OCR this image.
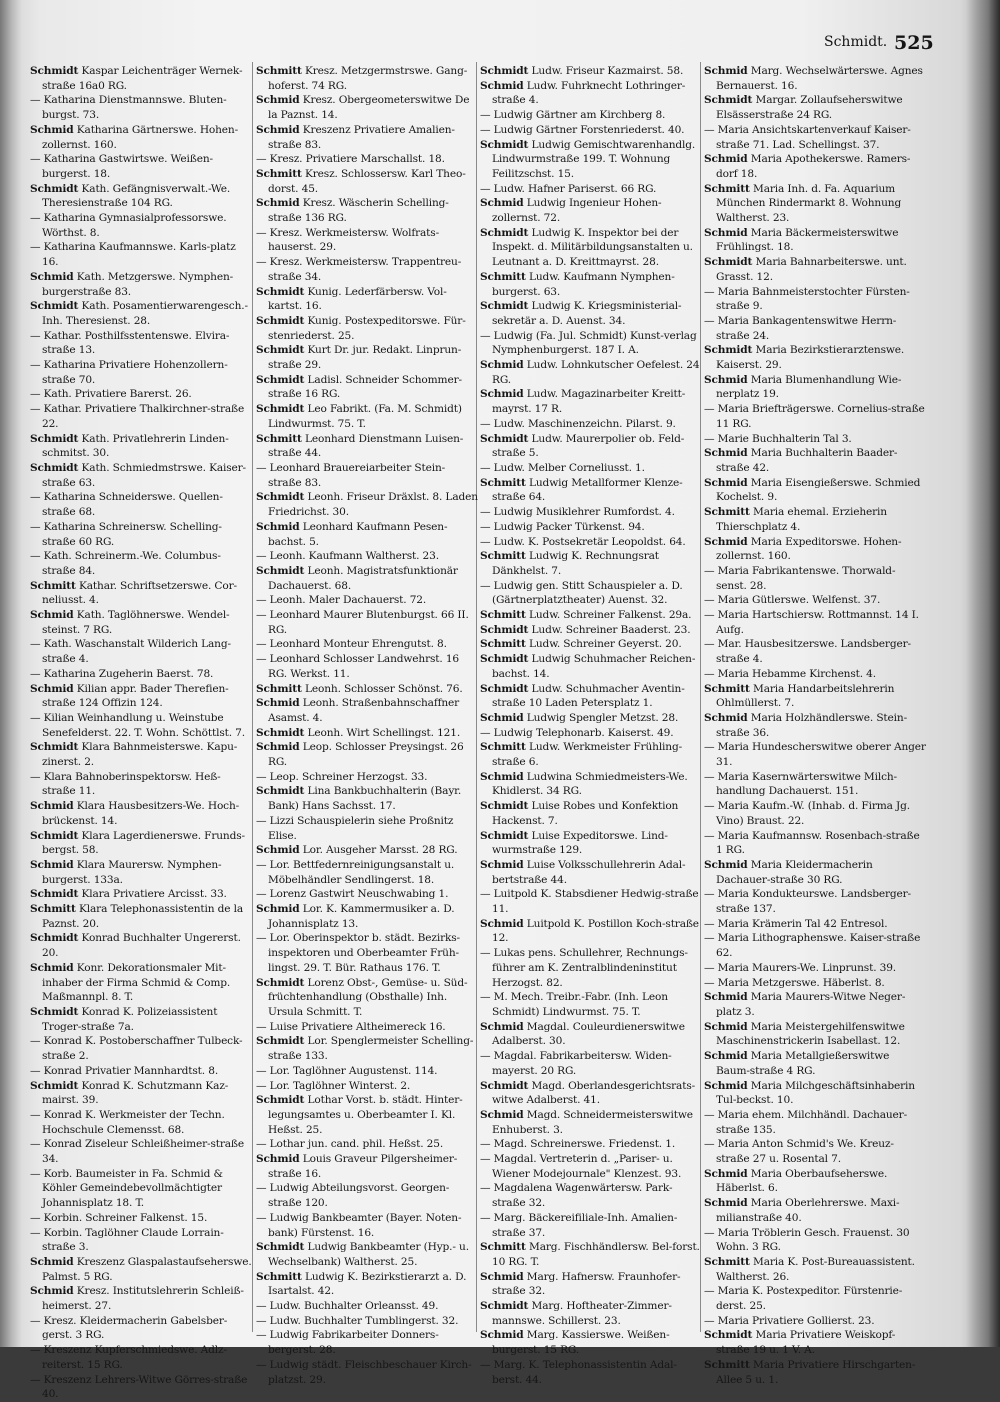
Schmidt. 525
Schmidt Kaspar Leichenträger Wernek-straße 16a0 RG.
— Katharina Dienstmannswe. Bluten-burgst. 73.
Schmid Katharina Gärtnerswe. Hohen-zollernst. 160.
— Katharina Gastwirtswe. Weißen-burgerst. 18.
Schmidt Kath. Gefängnisverwalt.-We. Theresienstraße 104 RG.
— Katharina Gymnasialprofessorswe. Wörthst. 8.
— Katharina Kaufmannswe. Karls-platz 16.
Schmid Kath. Metzgerswe. Nymphen-burgerstraße 83.
Schmidt Kath. Posamentierwarengesch.-Inh. Theresienst. 28.
— Kathar. Posthilfsstentenswe. Elvira-straße 13.
— Katharina Privatiere Hohenzollern-straße 70.
— Kath. Privatiere Barerst. 26.
— Kathar. Privatiere Thalkirchner-straße 22.
Schmidt Kath. Privatlehrerin Linden-schmitst. 30.
Schmidt Kath. Schmiedmstrswe. Kaiser-straße 63.
— Katharina Schneiderswe. Quellen-straße 68.
— Katharina Schreinersw. Schelling-straße 60 RG.
— Kath. Schreinerm.-We. Columbus-straße 84.
Schmitt Kathar. Schriftsetzerswe. Cor-neliusst. 4.
Schmid Kath. Taglöhnerswe. Wendel-steinst. 7 RG.
— Kath. Waschanstalt Wilderich Lang-straße 4.
— Katharina Zugeherin Baerst. 78.
Schmid Kilian appr. Bader Therefien-straße 124 Offizin 124.
— Kilian Weinhandlung u. Weinstube Senefelderst. 22. T. Wohn. Schöttlst. 7.
Schmidt Klara Bahnmeisterswe. Kapu-zinerst. 2.
— Klara Bahnoberinspektorsw. Heß-straße 11.
Schmid Klara Hausbesitzers-We. Hoch-brückenst. 14.
Schmidt Klara Lagerdienerswe. Frunds-bergst. 58.
Schmid Klara Maurersw. Nymphen-burgerst. 133a.
Schmidt Klara Privatiere Arcisst. 33.
Schmitt Klara Telephonassistentin de la Paznst. 20.
Schmidt Konrad Buchhalter Ungererst. 20.
Schmid Konr. Dekorationsmaler Mit-inhaber der Firma Schmid & Comp. Maßmannpl. 8. T.
Schmidt Konrad K. Polizeiassistent Troger-straße 7a.
— Konrad K. Postoberschaffner Tulbeck-straße 2.
— Konrad Privatier Mannhardtst. 8.
Schmidt Konrad K. Schutzmann Kaz-mairst. 39.
— Konrad K. Werkmeister der Techn. Hochschule Clemensst. 68.
— Konrad Ziseleur Schleißheimer-straße 34.
— Korb. Baumeister in Fa. Schmid & Köhler Gemeindebevollmächtigter Johannisplatz 18. T.
— Korbin. Schreiner Falkenst. 15.
— Korbin. Taglöhner Claude Lorrain-straße 3.
Schmid Kreszenz Glaspalastaufseherswe. Palmst. 5 RG.
Schmid Kresz. Institutslehrerin Schleiß-heimerst. 27.
— Kresz. Kleidermacherin Gabelsber-gerst. 3 RG.
— Kreszenz Kupferschmiedswe. Adlz-reiterst. 15 RG.
— Kreszenz Lehrers-Witwe Görres-straße 40.
Schmitt Kresz. Metzgermstrswe. Gang-hoferst. 74 RG.
Schmid Kresz. Obergeometerswitwe De la Paznst. 14.
Schmid Kreszenz Privatiere Amalien-straße 83.
— Kresz. Privatiere Marschallst. 18.
Schmitt Kresz. Schlossersw. Karl Theo-dorst. 45.
Schmid Kresz. Wäscherin Schelling-straße 136 RG.
— Kresz. Werkmeistersw. Wolfrats-hauserst. 29.
— Kresz. Werkmeistersw. Trappentreu-straße 34.
Schmidt Kunig. Lederfärbersw. Vol-kartst. 16.
Schmidt Kunig. Postexpeditorswe. Für-stenriederst. 25.
Schmidt Kurt Dr. jur. Redakt. Linprun-straße 29.
Schmidt Ladisl. Schneider Schommer-straße 16 RG.
Schmidt Leo Fabrikt. (Fa. M. Schmidt) Lindwurmst. 75. T.
Schmitt Leonhard Dienstmann Luisen-straße 44.
— Leonhard Brauereiarbeiter Stein-straße 83.
Schmidt Leonh. Friseur Dräxlst. 8. Laden Friedrichst. 30.
Schmid Leonhard Kaufmann Pesen-bachst. 5.
— Leonh. Kaufmann Waltherst. 23.
Schmidt Leonh. Magistratsfunktionär Dachauerst. 68.
— Leonh. Maler Dachauerst. 72.
— Leonhard Maurer Blutenburgst. 66 II. RG.
— Leonhard Monteur Ehrengutst. 8.
— Leonhard Schlosser Landwehrst. 16 RG. Werkst. 11.
Schmitt Leonh. Schlosser Schönst. 76.
Schmid Leonh. Straßenbahnschaffner Asamst. 4.
Schmidt Leonh. Wirt Schellingst. 121.
Schmid Leop. Schlosser Preysingst. 26 RG.
— Leop. Schreiner Herzogst. 33.
Schmidt Lina Bankbuchhalterin (Bayr. Bank) Hans Sachsst. 17.
— Lizzi Schauspielerin siehe Proßnitz Elise.
Schmid Lor. Ausgeher Marsst. 28 RG.
— Lor. Bettfedernreinigungsanstalt u. Möbelhändler Sendlingerst. 18.
— Lorenz Gastwirt Neuschwabing 1.
Schmid Lor. K. Kammermusiker a. D. Johannisplatz 13.
— Lor. Oberinspektor b. städt. Bezirks-inspektoren und Oberbeamter Früh-lingst. 29. T. Bür. Rathaus 176. T.
Schmidt Lorenz Obst-, Gemüse- u. Süd-früchtenhandlung (Obsthalle) Inh. Ursula Schmitt. T.
— Luise Privatiere Altheimereck 16.
Schmidt Lor. Spenglermeister Schelling-straße 133.
— Lor. Taglöhner Augustenst. 114.
— Lor. Taglöhner Winterst. 2.
Schmidt Lothar Vorst. b. städt. Hinter-legungsamtes u. Oberbeamter I. Kl. Heßst. 25.
— Lothar jun. cand. phil. Heßst. 25.
Schmid Louis Graveur Pilgersheimer-straße 16.
— Ludwig Abteilungsvorst. Georgen-straße 120.
— Ludwig Bankbeamter (Bayer. Noten-bank) Fürstenst. 16.
Schmidt Ludwig Bankbeamter (Hyp.- u. Wechselbank) Waltherst. 25.
Schmitt Ludwig K. Bezirkstierarzt a. D. Isartalst. 42.
— Ludw. Buchhalter Orleansst. 49.
— Ludw. Buchhalter Tumblingerst. 32.
— Ludwig Fabrikarbeiter Donners-bergerst. 28.
— Ludwig städt. Fleischbeschauer Kirch-platzst. 29.
Schmidt Ludw. Friseur Kazmairst. 58.
Schmid Ludw. Fuhrknecht Lothringer-straße 4.
— Ludwig Gärtner am Kirchberg 8.
— Ludwig Gärtner Forstenriederst. 40.
Schmidt Ludwig Gemischtwarenhandlg. Lindwurmstraße 199. T. Wohnung Feilitzschst. 15.
— Ludw. Hafner Pariserst. 66 RG.
Schmid Ludwig Ingenieur Hohen-zollernst. 72.
Schmidt Ludwig K. Inspektor bei der Inspekt. d. Militärbildungsanstalten u. Leutnant a. D. Kreittmayrst. 28.
Schmitt Ludw. Kaufmann Nymphen-burgerst. 63.
Schmidt Ludwig K. Kriegsministerial-sekretär a. D. Auenst. 34.
— Ludwig (Fa. Jul. Schmidt) Kunst-verlag Nymphenburgerst. 187 I. A.
Schmid Ludw. Lohnkutscher Oefelest. 24 RG.
Schmid Ludw. Magazinarbeiter Kreitt-mayrst. 17 R.
— Ludw. Maschinenzeichn. Pilarst. 9.
Schmidt Ludw. Maurerpolier ob. Feld-straße 5.
— Ludw. Melber Corneliusst. 1.
Schmitt Ludwig Metallformer Klenze-straße 64.
— Ludwig Musiklehrer Rumfordst. 4.
— Ludwig Packer Türkenst. 94.
— Ludw. K. Postsekretär Leopoldst. 64.
Schmitt Ludwig K. Rechnungsrat Dänkhelst. 7.
— Ludwig gen. Stitt Schauspieler a. D. (Gärtnerplatztheater) Auenst. 32.
Schmitt Ludw. Schreiner Falkenst. 29a.
Schmidt Ludw. Schreiner Baaderst. 23.
Schmitt Ludw. Schreiner Geyerst. 20.
Schmidt Ludwig Schuhmacher Reichen-bachst. 14.
Schmidt Ludw. Schuhmacher Aventin-straße 10 Laden Petersplatz 1.
Schmid Ludwig Spengler Metzst. 28.
— Ludwig Telephonarb. Kaiserst. 49.
Schmitt Ludw. Werkmeister Frühling-straße 6.
Schmid Ludwina Schmiedmeisters-We. Khidlerst. 34 RG.
Schmidt Luise Robes und Konfektion Hackenst. 7.
Schmidt Luise Expeditorswe. Lind-wurmstraße 129.
Schmid Luise Volksschullehrerin Adal-bertstraße 44.
— Luitpold K. Stabsdiener Hedwig-straße 11.
Schmid Luitpold K. Postillon Koch-straße 12.
— Lukas pens. Schullehrer, Rechnungs-führer am K. Zentralblindeninstitut Herzogst. 82.
— M. Mech. Treibr.-Fabr. (Inh. Leon Schmidt) Lindwurmst. 75. T.
Schmid Magdal. Couleurdienerswitwe Adalberst. 30.
— Magdal. Fabrikarbeitersw. Widen-mayerst. 20 RG.
Schmidt Magd. Oberlandesgerichtsrats-witwe Adalberst. 41.
Schmid Magd. Schneidermeisterswitwe Enhuberst. 3.
— Magd. Schreinerswe. Friedenst. 1.
— Magdal. Vertreterin d. „Pariser- u. Wiener Modejournale" Klenzest. 93.
— Magdalena Wagenwärtersw. Park-straße 32.
— Marg. Bäckereifiliale-Inh. Amalien-straße 37.
Schmitt Marg. Fischhändlersw. Bel-forst. 10 RG. T.
Schmid Marg. Hafnersw. Fraunhofer-straße 32.
Schmidt Marg. Hoftheater-Zimmer-mannswe. Schillerst. 23.
Schmid Marg. Kassierswe. Weißen-burgerst. 15 RG.
— Marg. K. Telephonassistentin Adal-berst. 44.
Schmid Marg. Wechselwärterswe. Agnes Bernauerst. 16.
Schmidt Margar. Zollaufseherswitwe Elsässerstraße 24 RG.
— Maria Ansichtskartenverkauf Kaiser-straße 71. Lad. Schellingst. 37.
Schmid Maria Apothekerswe. Ramers-dorf 18.
Schmitt Maria Inh. d. Fa. Aquarium München Rindermarkt 8. Wohnung Waltherst. 23.
Schmid Maria Bäckermeisterswitwe Frühlingst. 18.
Schmidt Maria Bahnarbeiterswe. unt. Grasst. 12.
— Maria Bahnmeisterstochter Fürsten-straße 9.
— Maria Bankagentenswitwe Herrn-straße 24.
Schmidt Maria Bezirkstierarztenswe. Kaiserst. 29.
Schmid Maria Blumenhandlung Wie-nerplatz 19.
— Maria Briefträgerswe. Cornelius-straße 11 RG.
— Marie Buchhalterin Tal 3.
Schmid Maria Buchhalterin Baader-straße 42.
Schmid Maria Eisengießerswe. Schmied Kochelst. 9.
Schmitt Maria ehemal. Erzieherin Thierschplatz 4.
Schmid Maria Expeditorswe. Hohen-zollernst. 160.
— Maria Fabrikantenswe. Thorwald-senst. 28.
— Maria Gütlerswe. Welfenst. 37.
— Maria Hartschiersw. Rottmannst. 14 I. Aufg.
— Mar. Hausbesitzerswe. Landsberger-straße 4.
— Maria Hebamme Kirchenst. 4.
Schmitt Maria Handarbeitslehrerin Ohlmüllerst. 7.
Schmid Maria Holzhändlerswe. Stein-straße 36.
— Maria Hundescherswitwe oberer Anger 31.
— Maria Kasernwärterswitwe Milch-handlung Dachauerst. 151.
— Maria Kaufm.-W. (Inhab. d. Firma Jg. Vino) Braust. 22.
— Maria Kaufmannsw. Rosenbach-straße 1 RG.
Schmid Maria Kleidermacherin Dachauer-straße 30 RG.
— Maria Kondukteurswe. Landsberger-straße 137.
— Maria Krämerin Tal 42 Entresol.
— Maria Lithographenswe. Kaiser-straße 62.
— Maria Maurers-We. Linprunst. 39.
— Maria Metzgerswe. Häberlst. 8.
Schmid Maria Maurers-Witwe Neger-platz 3.
Schmid Maria Meistergehilfenswitwe Maschinenstrickerin Isabellast. 12.
Schmid Maria Metallgießerswitwe Baum-straße 4 RG.
Schmid Maria Milchgeschäftsinhaberin Tul-beckst. 10.
— Maria ehem. Milchhändl. Dachauer-straße 135.
— Maria Anton Schmid's We. Kreuz-straße 27 u. Rosental 7.
Schmid Maria Oberbaufseherswe. Häberlst. 6.
Schmid Maria Oberlehrerswe. Maxi-milianstraße 40.
— Maria Tröblerin Gesch. Frauenst. 30 Wohn. 3 RG.
Schmitt Maria K. Post-Bureauassistent. Waltherst. 26.
— Maria K. Postexpeditor. Fürstenrie-derst. 25.
— Maria Privatiere Gollierst. 23.
Schmidt Maria Privatiere Weiskopf-straße 19 u. 1 V. A.
Schmitt Maria Privatiere Hirschgarten-Allee 5 u. 1.
